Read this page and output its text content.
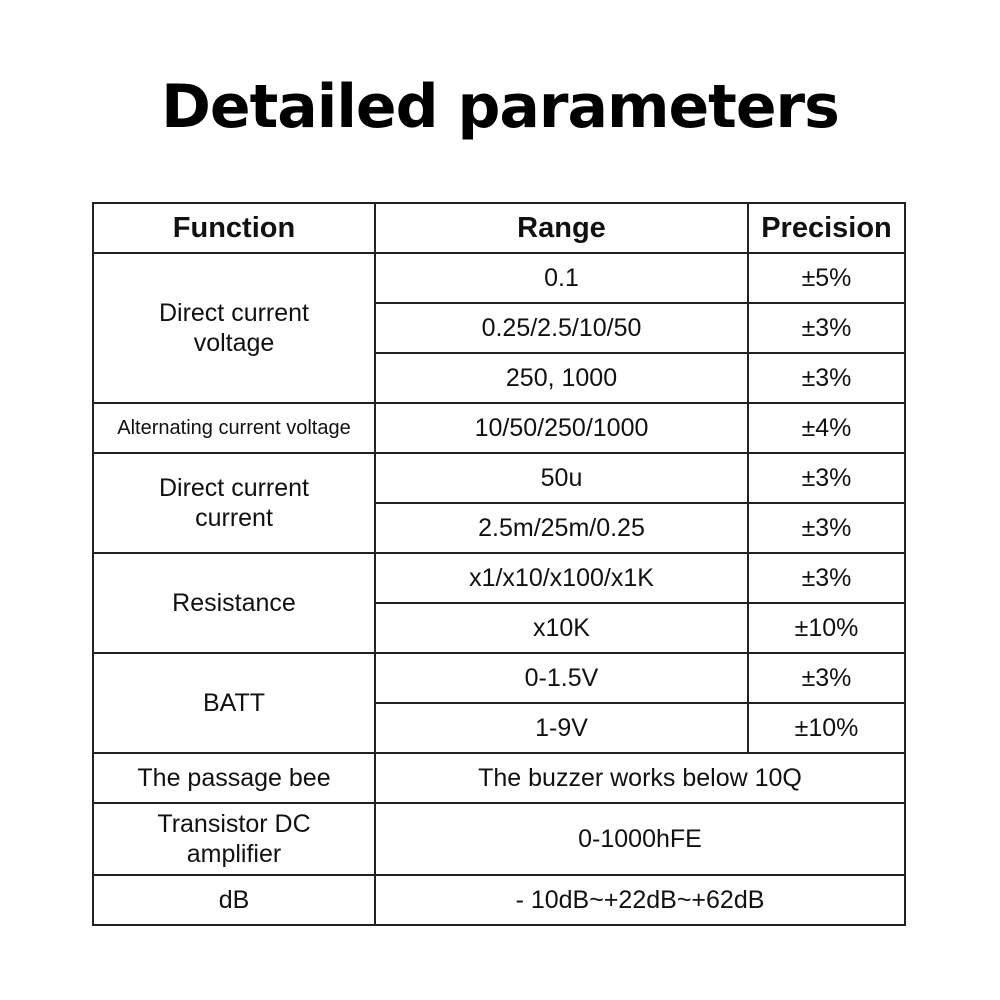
Detailed parameters
Function	Range	Precision

Direct current voltage	0.1	±5%
	0.25/2.5/10/50	±3%
	250, 1000	±3%
Alternating current voltage	10/50/250/1000	±4%

Direct current current	50u	±3%
	2.5m/25m/0.25	±3%
Resistance	x1/x10/x100/x1K	±3%
	x10K	±10%
BATT	0-1.5V	±3%
	1-9V	±10%
The passage bee	The buzzer works below 10Q	

Transistor DC amplifier	0-1000hFE	
dB	- 10dB~+22dB~+62dB	
